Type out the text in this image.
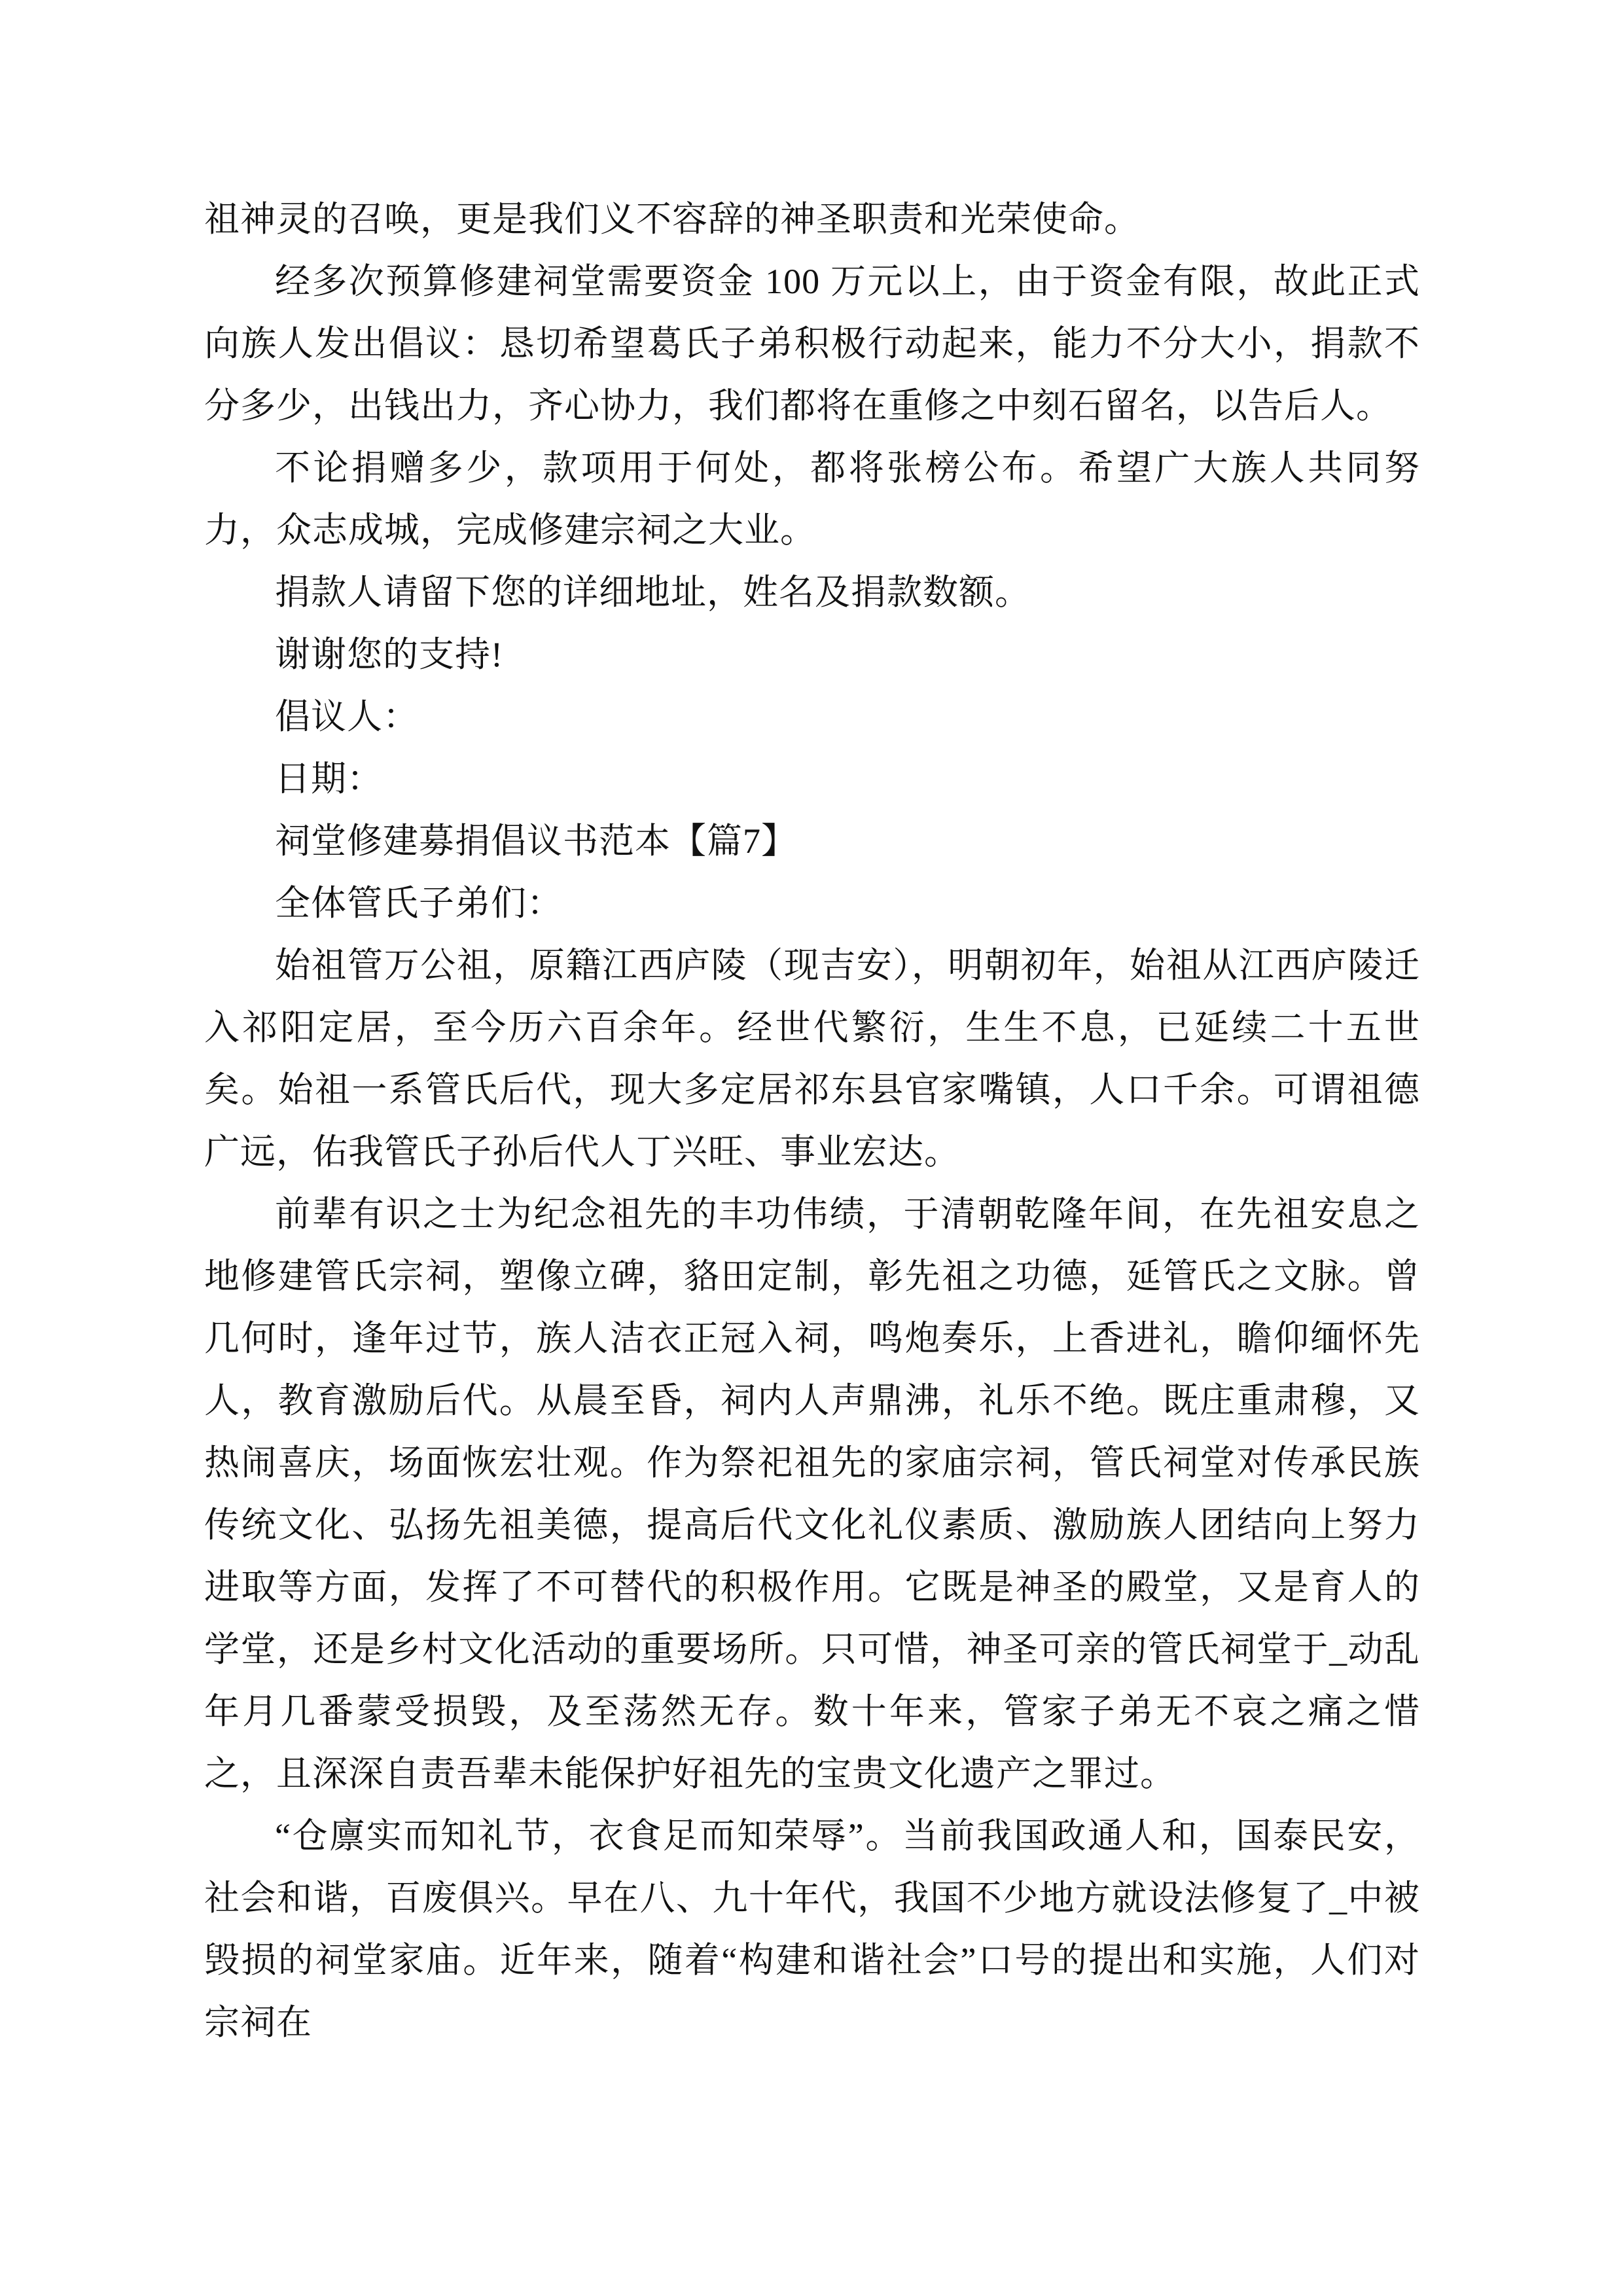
祖神灵的召唤，更是我们义不容辞的神圣职责和光荣使命。

经多次预算修建祠堂需要资金 100 万元以上，由于资金有限，故此正式向族人发出倡议：恳切希望葛氏子弟积极行动起来，能力不分大小，捐款不分多少，出钱出力，齐心协力，我们都将在重修之中刻石留名，以告后人。

不论捐赠多少，款项用于何处，都将张榜公布。希望广大族人共同努力，众志成城，完成修建宗祠之大业。

捐款人请留下您的详细地址，姓名及捐款数额。

谢谢您的支持!

倡议人：

日期：

祠堂修建募捐倡议书范本【篇7】

全体管氏子弟们：

始祖管万公祖，原籍江西庐陵（现吉安），明朝初年，始祖从江西庐陵迁入祁阳定居，至今历六百余年。经世代繁衍，生生不息，已延续二十五世矣。始祖一系管氏后代，现大多定居祁东县官家嘴镇，人口千余。可谓祖德广远，佑我管氏子孙后代人丁兴旺、事业宏达。

前辈有识之士为纪念祖先的丰功伟绩，于清朝乾隆年间，在先祖安息之地修建管氏宗祠，塑像立碑，貉田定制，彰先祖之功德，延管氏之文脉。曾几何时，逢年过节，族人洁衣正冠入祠，鸣炮奏乐，上香进礼，瞻仰缅怀先人，教育激励后代。从晨至昏，祠内人声鼎沸，礼乐不绝。既庄重肃穆，又热闹喜庆，场面恢宏壮观。作为祭祀祖先的家庙宗祠，管氏祠堂对传承民族传统文化、弘扬先祖美德，提高后代文化礼仪素质、激励族人团结向上努力进取等方面，发挥了不可替代的积极作用。它既是神圣的殿堂，又是育人的学堂，还是乡村文化活动的重要场所。只可惜，神圣可亲的管氏祠堂于_动乱年月几番蒙受损毁，及至荡然无存。数十年来，管家子弟无不哀之痛之惜之，且深深自责吾辈未能保护好祖先的宝贵文化遗产之罪过。

“仓廪实而知礼节，衣食足而知荣辱”。当前我国政通人和，国泰民安，社会和谐，百废俱兴。早在八、九十年代，我国不少地方就设法修复了_中被毁损的祠堂家庙。近年来，随着“构建和谐社会”口号的提出和实施，人们对宗祠在
